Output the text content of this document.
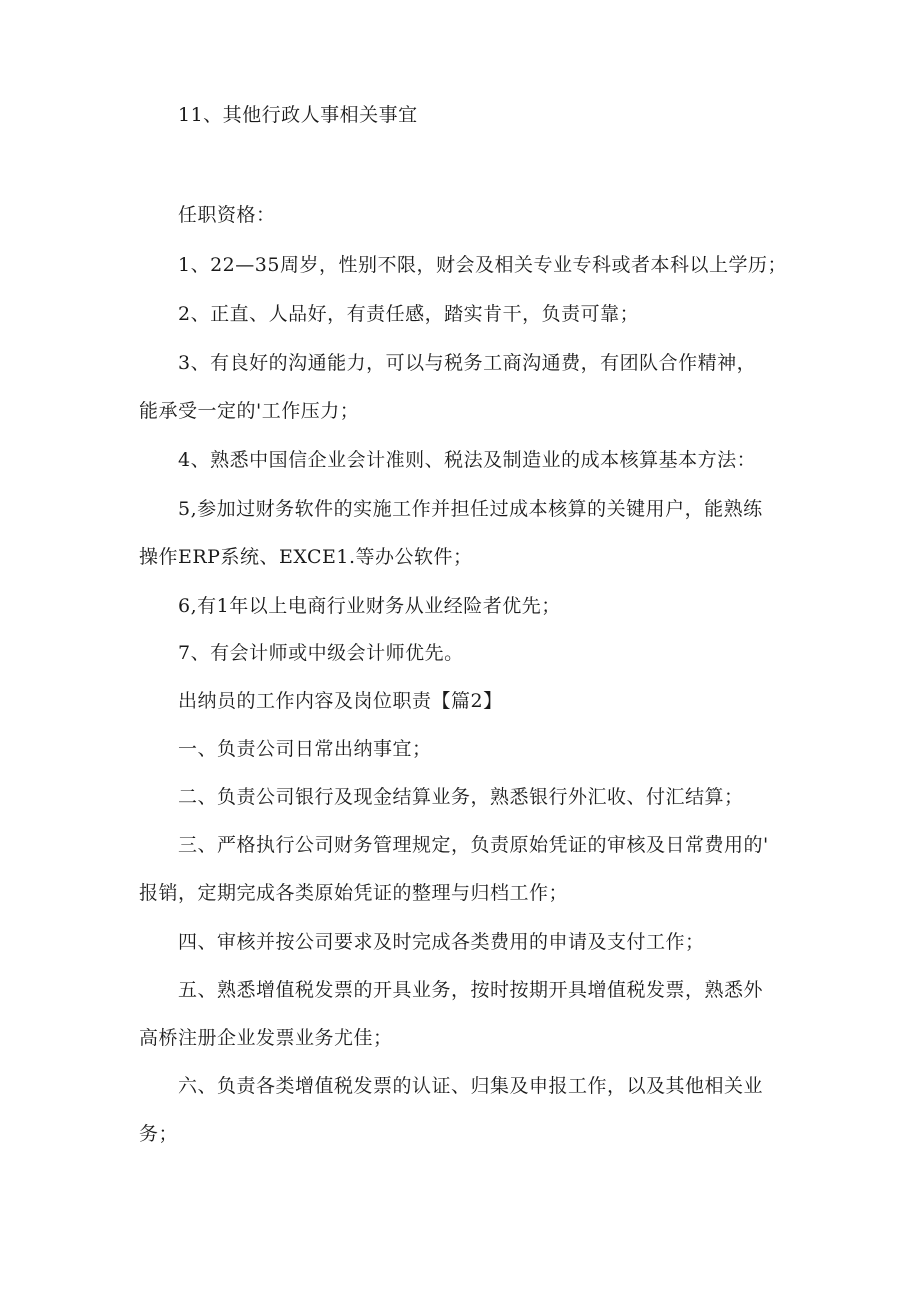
11、其他行政人事相关事宜
任职资格：
1、22—35周岁，性别不限，财会及相关专业专科或者本科以上学历；
2、正直、人品好，有责任感，踏实肯干，负责可靠；
3、有良好的沟通能力，可以与税务工商沟通费，有团队合作精神，
能承受一定的'工作压力；
4、熟悉中国信企业会计准则、税法及制造业的成本核算基本方法：
5,参加过财务软件的实施工作并担任过成本核算的关键用户，能熟练
操作ERP系统、EXCE1.等办公软件；
6,有1年以上电商行业财务从业经险者优先；
7、有会计师或中级会计师优先。
出纳员的工作内容及岗位职责【篇2】
一、负责公司日常出纳事宜；
二、负责公司银行及现金结算业务，熟悉银行外汇收、付汇结算；
三、严格执行公司财务管理规定，负责原始凭证的审核及日常费用的'
报销，定期完成各类原始凭证的整理与归档工作；
四、审核并按公司要求及时完成各类费用的申请及支付工作；
五、熟悉增值税发票的开具业务，按时按期开具增值税发票，熟悉外
高桥注册企业发票业务尤佳；
六、负责各类增值税发票的认证、归集及申报工作，以及其他相关业
务；
